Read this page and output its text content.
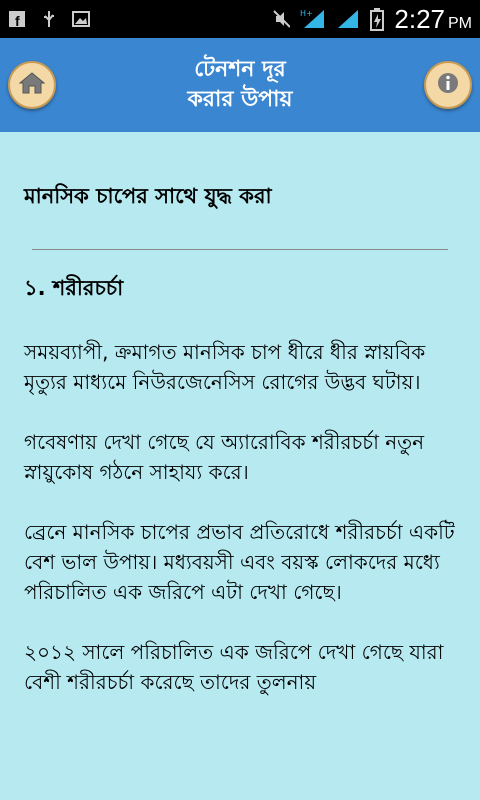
f	H+	2:27 PM
টেনশন দূর
করার উপায়
মানসিক চাপের সাথে যুদ্ধ করা
১. শরীরচর্চা

সময়ব্যাপী, ক্রমাগত মানসিক চাপ ধীরে ধীর স্নায়বিক মৃত্যুর মাধ্যমে নিউরজেনেসিস রোগের উদ্ভব ঘটায়।

গবেষণায় দেখা গেছে যে অ্যারোবিক শরীরচর্চা নতুন স্নায়ুকোষ গঠনে সাহায্য করে।

ব্রেনে মানসিক চাপের প্রভাব প্রতিরোধে শরীরচর্চা একটি বেশ ভাল উপায়। মধ্যবয়সী এবং বয়স্ক লোকদের মধ্যে পরিচালিত এক জরিপে এটা দেখা গেছে।

২০১২ সালে পরিচালিত এক জরিপে দেখা গেছে যারা বেশী শরীরচর্চা করেছে তাদের তুলনায়
